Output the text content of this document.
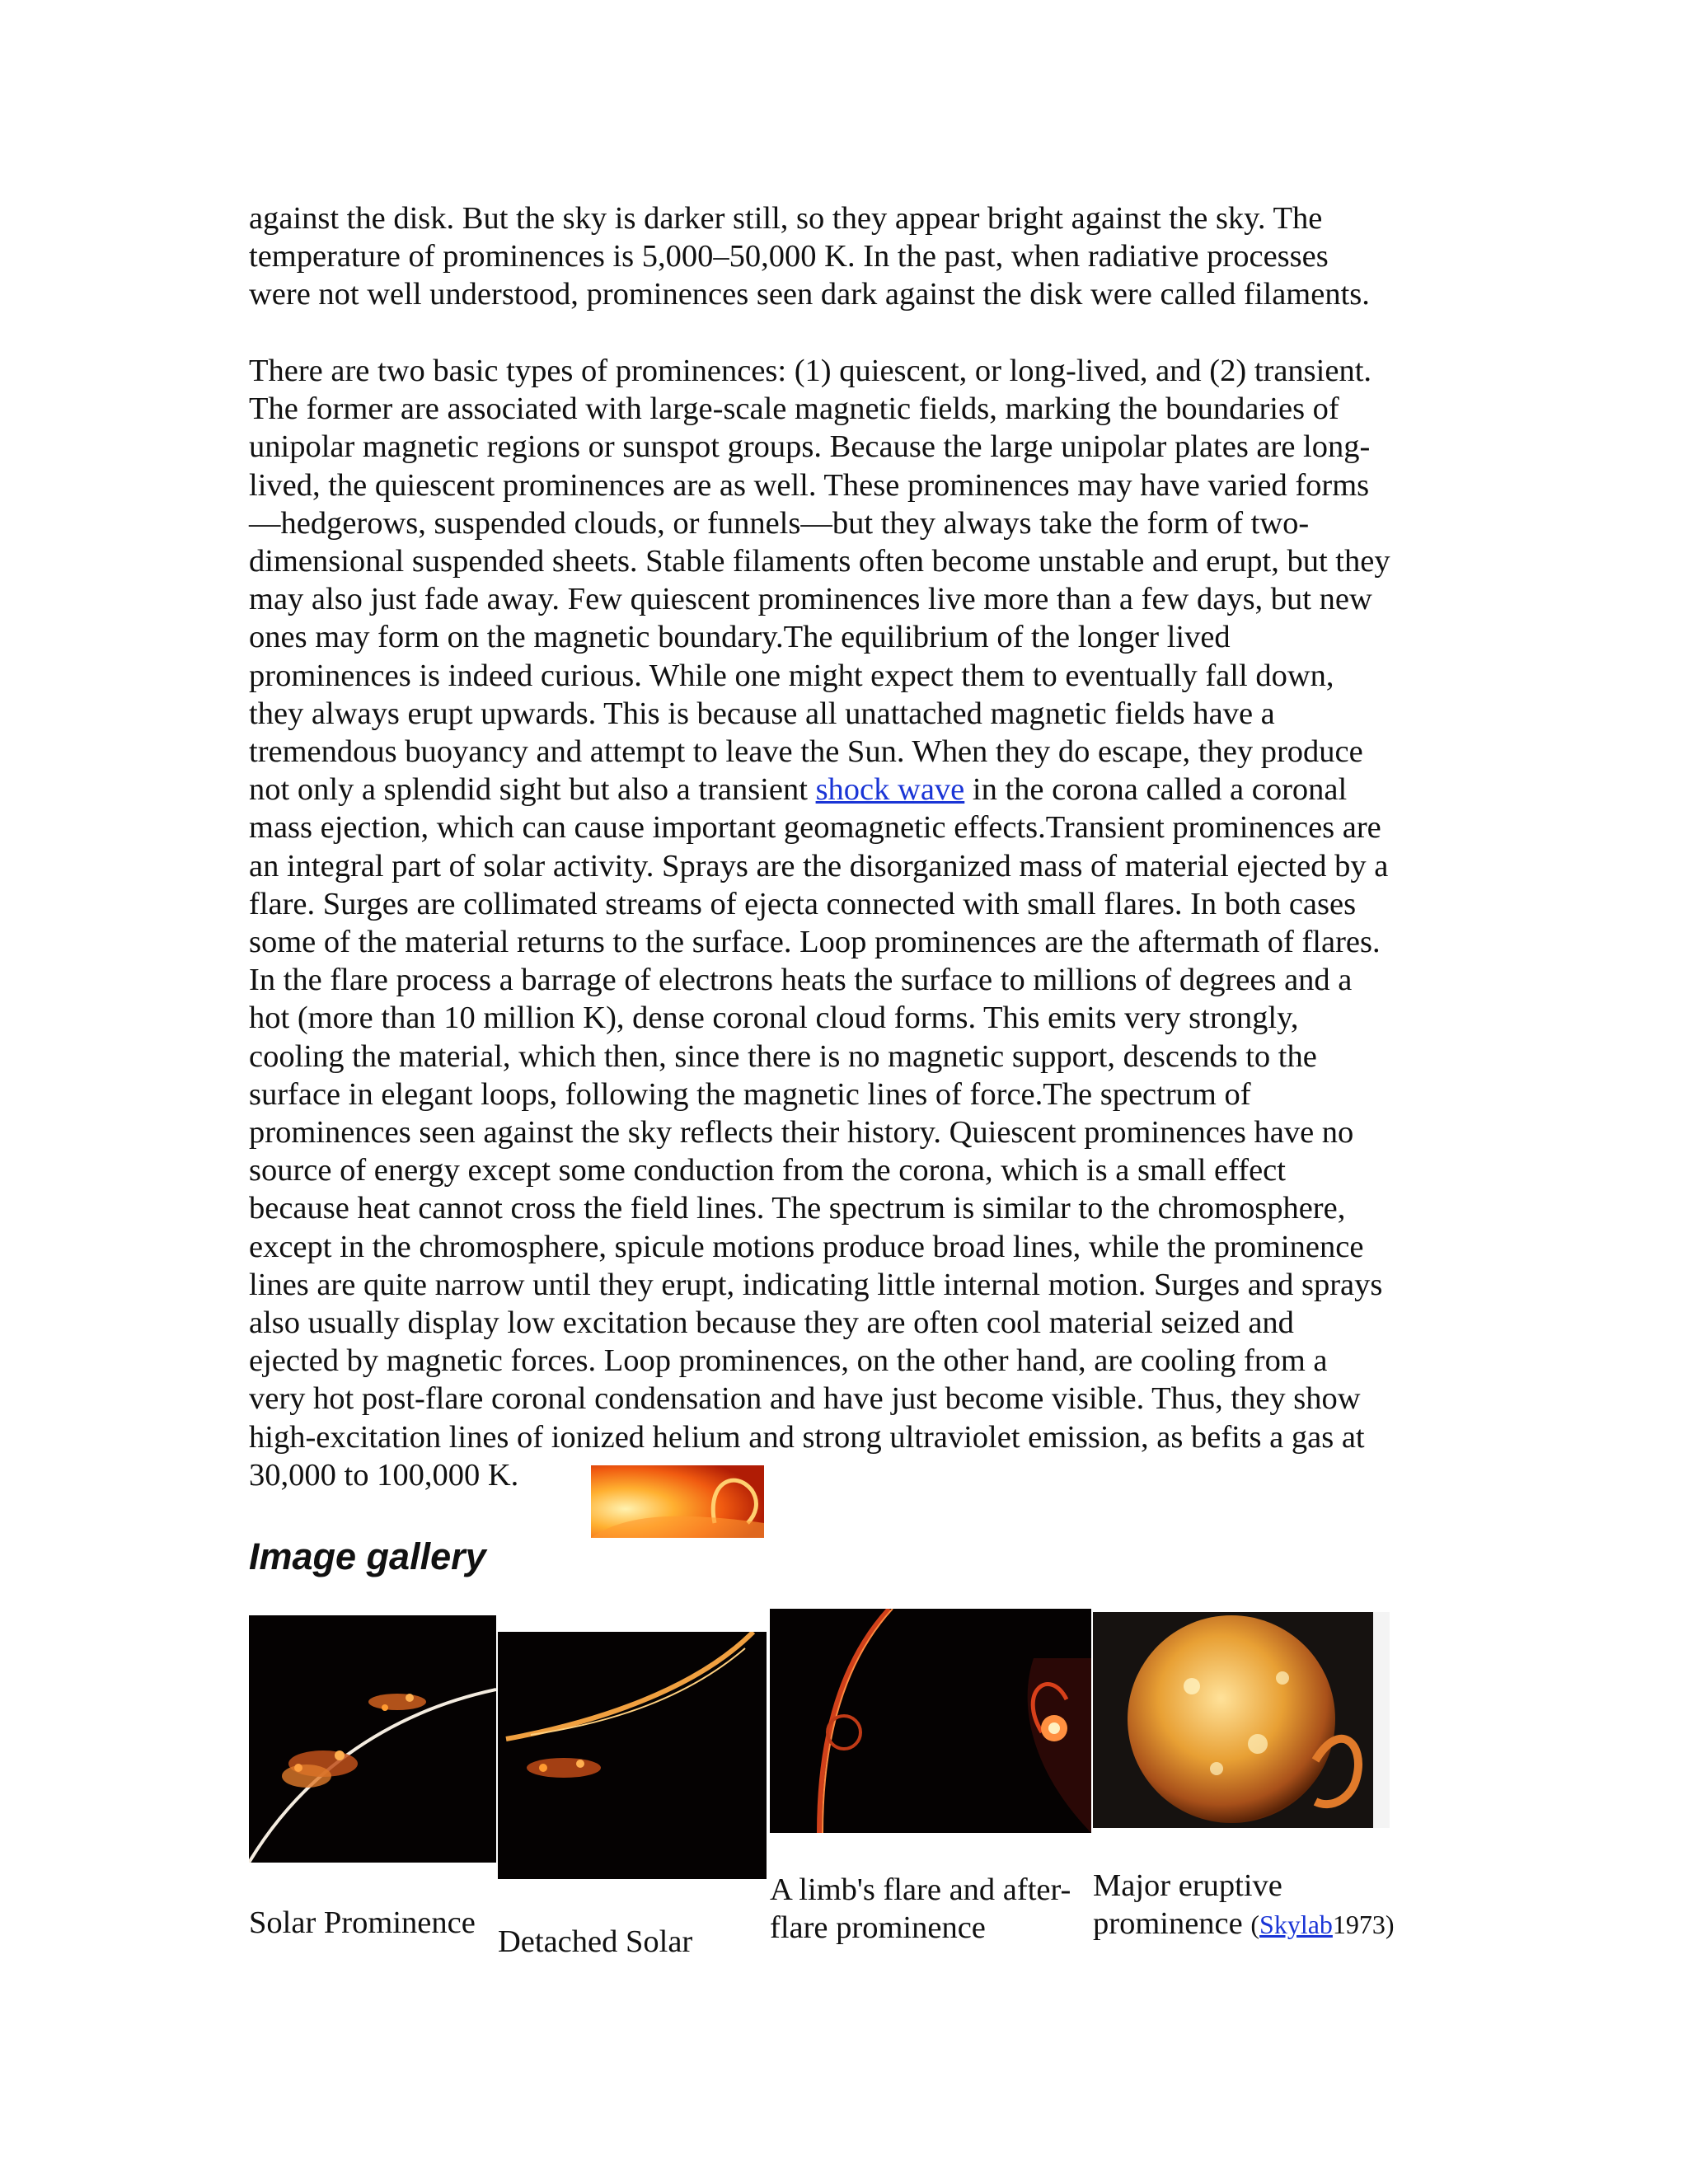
against the disk. But the sky is darker still, so they appear bright against the sky. The
temperature of prominences is 5,000–50,000 K. In the past, when radiative processes
were not well understood, prominences seen dark against the disk were called filaments.

There are two basic types of prominences: (1) quiescent, or long-lived, and (2) transient.
The former are associated with large-scale magnetic fields, marking the boundaries of
unipolar magnetic regions or sunspot groups. Because the large unipolar plates are long-
lived, the quiescent prominences are as well. These prominences may have varied forms
—hedgerows, suspended clouds, or funnels—but they always take the form of two-
dimensional suspended sheets. Stable filaments often become unstable and erupt, but they
may also just fade away. Few quiescent prominences live more than a few days, but new
ones may form on the magnetic boundary.The equilibrium of the longer lived
prominences is indeed curious. While one might expect them to eventually fall down,
they always erupt upwards. This is because all unattached magnetic fields have a
tremendous buoyancy and attempt to leave the Sun. When they do escape, they produce
not only a splendid sight but also a transient shock wave in the corona called a coronal
mass ejection, which can cause important geomagnetic effects.Transient prominences are
an integral part of solar activity. Sprays are the disorganized mass of material ejected by a
flare. Surges are collimated streams of ejecta connected with small flares. In both cases
some of the material returns to the surface. Loop prominences are the aftermath of flares.
In the flare process a barrage of electrons heats the surface to millions of degrees and a
hot (more than 10 million K), dense coronal cloud forms. This emits very strongly,
cooling the material, which then, since there is no magnetic support, descends to the
surface in elegant loops, following the magnetic lines of force.The spectrum of
prominences seen against the sky reflects their history. Quiescent prominences have no
source of energy except some conduction from the corona, which is a small effect
because heat cannot cross the field lines. The spectrum is similar to the chromosphere,
except in the chromosphere, spicule motions produce broad lines, while the prominence
lines are quite narrow until they erupt, indicating little internal motion. Surges and sprays
also usually display low excitation because they are often cool material seized and
ejected by magnetic forces. Loop prominences, on the other hand, are cooling from a
very hot post-flare coronal condensation and have just become visible. Thus, they show
high-excitation lines of ionized helium and strong ultraviolet emission, as befits a gas at
30,000 to 100,000 K.

Image gallery

Solar Prominence

Detached Solar

A limb's flare and after-
flare prominence

Major eruptive
prominence (Skylab1973)
